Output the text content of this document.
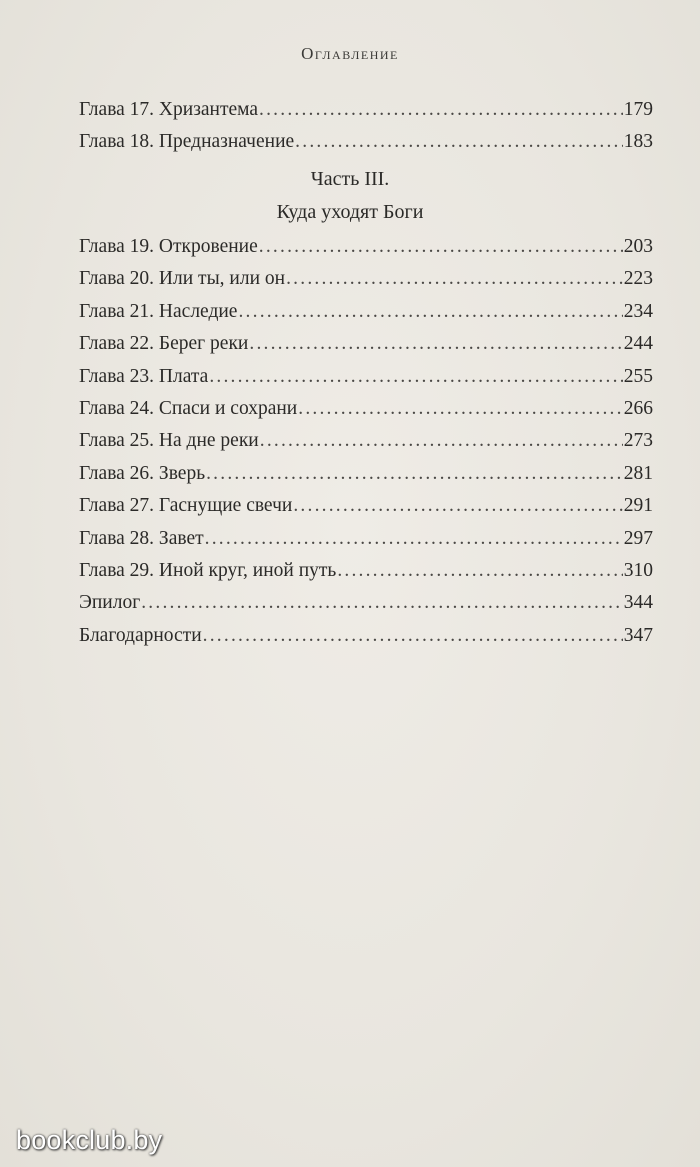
Оглавление
Глава 17. Хризантема .....	179
Глава 18. Предназначение .....	183
Часть III.
Куда уходят Боги
Глава 19. Откровение .....	203
Глава 20. Или ты, или он .....	223
Глава 21. Наследие .....	234
Глава 22. Берег реки .....	244
Глава 23. Плата .....	255
Глава 24. Спаси и сохрани .....	266
Глава 25. На дне реки .....	273
Глава 26. Зверь .....	281
Глава 27. Гаснущие свечи .....	291
Глава 28. Завет .....	297
Глава 29. Иной круг, иной путь .....	310
Эпилог .....	344
Благодарности .....	347
bookclub.by
